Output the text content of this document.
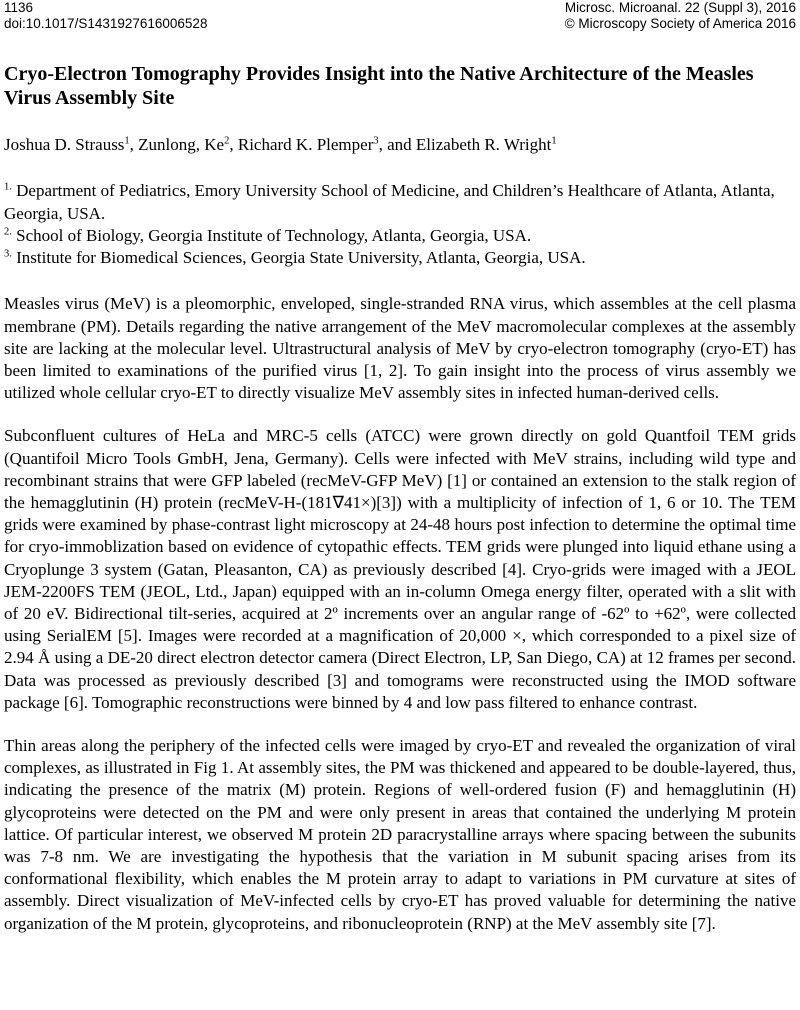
1136
doi:10.1017/S1431927616006528
Microsc. Microanal. 22 (Suppl 3), 2016
© Microscopy Society of America 2016
Cryo-Electron Tomography Provides Insight into the Native Architecture of the Measles Virus Assembly Site
Joshua D. Strauss$^1$, Zunlong, Ke$^2$, Richard K. Plemper$^3$, and Elizabeth R. Wright$^1$
$^{1.}$ Department of Pediatrics, Emory University School of Medicine, and Children’s Healthcare of Atlanta, Atlanta, Georgia, USA.
$^{2.}$ School of Biology, Georgia Institute of Technology, Atlanta, Georgia, USA.
$^{3.}$ Institute for Biomedical Sciences, Georgia State University, Atlanta, Georgia, USA.

Measles virus (MeV) is a pleomorphic, enveloped, single-stranded RNA virus, which assembles at the cell plasma membrane (PM). Details regarding the native arrangement of the MeV macromolecular complexes at the assembly site are lacking at the molecular level. Ultrastructural analysis of MeV by cryo-electron tomography (cryo-ET) has been limited to examinations of the purified virus [1, 2]. To gain insight into the process of virus assembly we utilized whole cellular cryo-ET to directly visualize MeV assembly sites in infected human-derived cells.

Subconfluent cultures of HeLa and MRC-5 cells (ATCC) were grown directly on gold Quantfoil TEM grids (Quantifoil Micro Tools GmbH, Jena, Germany). Cells were infected with MeV strains, including wild type and recombinant strains that were GFP labeled (recMeV-GFP MeV) [1] or contained an extension to the stalk region of the hemagglutinin (H) protein (recMeV-H-(181∇41×)[3]) with a multiplicity of infection of 1, 6 or 10. The TEM grids were examined by phase-contrast light microscopy at 24-48 hours post infection to determine the optimal time for cryo-immoblization based on evidence of cytopathic effects. TEM grids were plunged into liquid ethane using a Cryoplunge 3 system (Gatan, Pleasanton, CA) as previously described [4]. Cryo-grids were imaged with a JEOL JEM-2200FS TEM (JEOL, Ltd., Japan) equipped with an in-column Omega energy filter, operated with a slit with of 20 eV. Bidirectional tilt-series, acquired at 2º increments over an angular range of -62º to +62º, were collected using SerialEM [5]. Images were recorded at a magnification of 20,000 ×, which corresponded to a pixel size of 2.94 Å using a DE-20 direct electron detector camera (Direct Electron, LP, San Diego, CA) at 12 frames per second. Data was processed as previously described [3] and tomograms were reconstructed using the IMOD software package [6]. Tomographic reconstructions were binned by 4 and low pass filtered to enhance contrast.

Thin areas along the periphery of the infected cells were imaged by cryo-ET and revealed the organization of viral complexes, as illustrated in Fig 1. At assembly sites, the PM was thickened and appeared to be double-layered, thus, indicating the presence of the matrix (M) protein. Regions of well-ordered fusion (F) and hemagglutinin (H) glycoproteins were detected on the PM and were only present in areas that contained the underlying M protein lattice. Of particular interest, we observed M protein 2D paracrystalline arrays where spacing between the subunits was 7-8 nm. We are investigating the hypothesis that the variation in M subunit spacing arises from its conformational flexibility, which enables the M protein array to adapt to variations in PM curvature at sites of assembly. Direct visualization of MeV-infected cells by cryo-ET has proved valuable for determining the native organization of the M protein, glycoproteins, and ribonucleoprotein (RNP) at the MeV assembly site [7].
